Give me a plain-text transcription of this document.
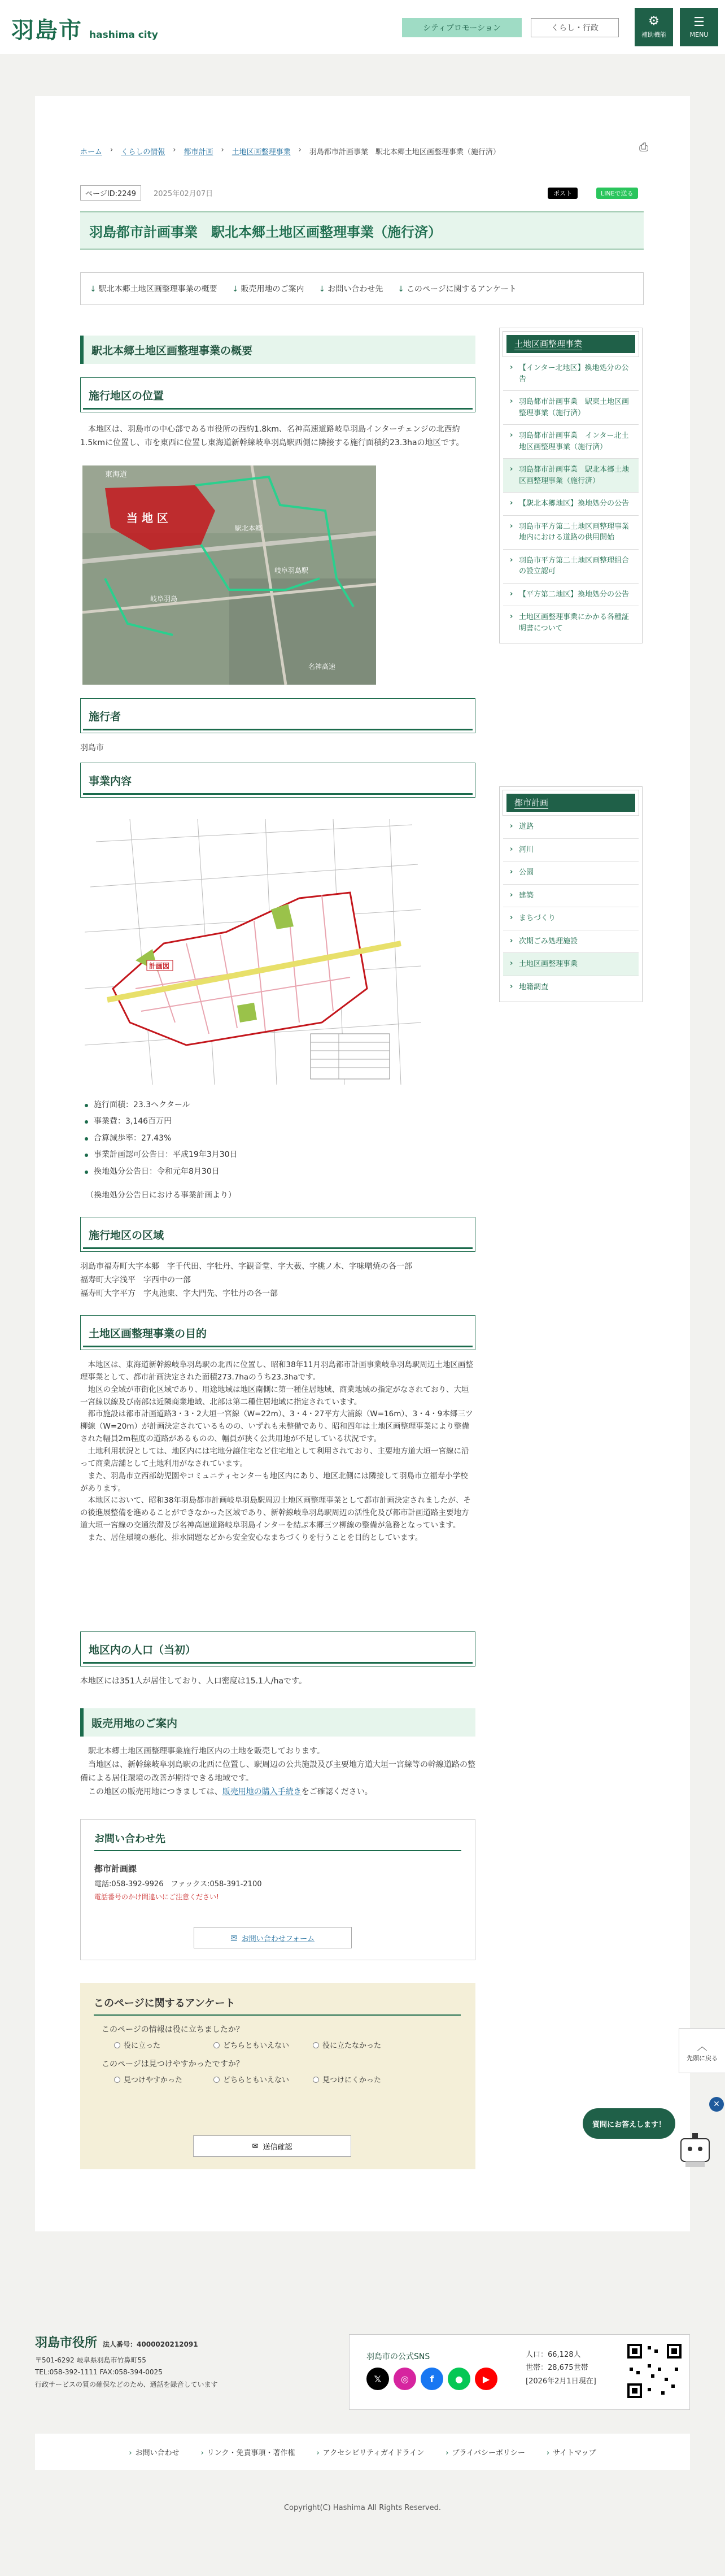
羽島市 hashima city
シティプロモーション	くらし・行政	⚙
補助機能
☰
MENU
ホーム › くらしの情報 › 都市計画 › 土地区画整理事業 › 羽島都市計画事業　駅北本郷土地区画整理事業（施行済）	⎙
ページID:2249	2025年02月07日	ポスト	LINEで送る
羽島都市計画事業　駅北本郷土地区画整理事業（施行済）
↓ 駅北本郷土地区画整理事業の概要 ↓ 販売用地のご案内 ↓ お問い合わせ先 ↓ このページに関するアンケート
駅北本郷土地区画整理事業の概要
施行地区の位置

本地区は、羽島市の中心部である市役所の西約1.8km、名神高速道路岐阜羽島インターチェンジの北西約1.5kmに位置し、市を東西に位置し東海道新幹線岐阜羽島駅西側に隣接する施行面積約23.3haの地区です。

当 地 区
東海道
駅北本郷
岐阜羽島
岐阜羽島駅
名神高速
施行者

羽島市

事業内容
計画図
施行面積：23.3ヘクタール
事業費：3,146百万円
合算減歩率：27.43%
事業計画認可公告日：平成19年3月30日
換地処分公告日：令和元年8月30日

（換地処分公告日における事業計画より）

施行地区の区域

羽島市福寿町大字本郷　字千代田、字牡丹、字観音堂、字大薮、字桃ノ木、字味噌焼の各一部

福寿町大字浅平　字西中の一部

福寿町大字平方　字丸池東、字大門先、字牡丹の各一部

土地区画整理事業の目的

本地区は、東海道新幹線岐阜羽島駅の北西に位置し、昭和38年11月羽島都市計画事業岐阜羽島駅周辺土地区画整理事業として、都市計画決定された面積273.7haのうち23.3haです。

地区の全域が市街化区域であり、用途地域は地区南側に第一種住居地域、商業地域の指定がなされており、大垣一宮線以線及び南部は近隣商業地域、北部は第二種住居地域に指定されています。

都市施設は都市計画道路3・3・2大垣一宮線（W=22m）、3・4・27平方大浦線（W=16m）、3・4・9本郷三ツ柳線（W=20m）が計画決定されているものの、いずれも未整備であり、昭和四年は土地区画整理事業により整備された幅員2m程度の道路があるものの、幅員が狭く公共用地が不足している状況です。

土地利用状況としては、地区内には宅地分譲住宅など住宅地として利用されており、主要地方道大垣一宮線に沿って商業店舗として土地利用がなされています。

また、羽島市立西部幼児園やコミュニティセンターも地区内にあり、地区北側には隣接して羽島市立福寿小学校があります。

本地区において、昭和38年羽島都市計画岐阜羽島駅周辺土地区画整理事業として都市計画決定されましたが、その後進展整備を進めることができなかった区域であり、新幹線岐阜羽島駅周辺の活性化及び都市計画道路主要地方道大垣一宮線の交通渋滞及び名神高速道路岐阜羽島インターを結ぶ本郷三ツ柳線の整備が急務となっています。

また、居住環境の悪化、排水問題などから安全安心なまちづくりを行うことを目的としています。

地区内の人口（当初）

本地区には351人が居住しており、人口密度は15.1人/haです。

販売用地のご案内

駅北本郷土地区画整理事業施行地区内の土地を販売しております。

当地区は、新幹線岐阜羽島駅の北西に位置し、駅周辺の公共施設及び主要地方道大垣一宮線等の幹線道路の整備による居住環境の改善が期待できる地域です。

この地区の販売用地につきましては、販売用地の購入手続きをご確認ください。

お問い合わせ先
都市計画課
電話:058-392-9926　ファックス:058-391-2100
電話番号のかけ間違いにご注意ください!
✉ お問い合わせフォーム
このページに関するアンケート
このページの情報は役に立ちましたか？
役に立った	どちらともいえない	役に立たなかった
このページは見つけやすかったですか？
見つけやすかった	どちらともいえない	見つけにくかった
✉ 送信確認
土地区画整理事業
› 【インター北地区】換地処分の公告
› 羽島都市計画事業　駅東土地区画整理事業（施行済）
› 羽島都市計画事業　インター北土地区画整理事業（施行済）
› 羽島都市計画事業　駅北本郷土地区画整理事業（施行済）
› 【駅北本郷地区】換地処分の公告
› 羽島市平方第二土地区画整理事業地内における道路の供用開始
› 羽島市平方第二土地区画整理組合の設立認可
› 【平方第二地区】換地処分の公告
› 土地区画整理事業にかかる各種証明書について
都市計画
› 道路
› 河川
› 公園
› 建築
› まちづくり
› 次期ごみ処理施設
› 土地区画整理事業
› 地籍調査
︿
先頭に戻る
質問にお答えします！
✕
羽島市役所 法人番号：4000020212091
〒501-6292 岐阜県羽島市竹鼻町55
TEL:058-392-1111 FAX:058-394-0025
行政サービスの質の確保などのため、通話を録音しています
羽島市の公式SNS
𝕏	◎	f	●	▶
人口：66,128人
世帯：28,675世帯
[2026年2月1日現在]
› お問い合わせ	› リンク・免責事項・著作権	› アクセシビリティガイドライン	› プライバシーポリシー	› サイトマップ
Copyright(C) Hashima All Rights Reserved.
